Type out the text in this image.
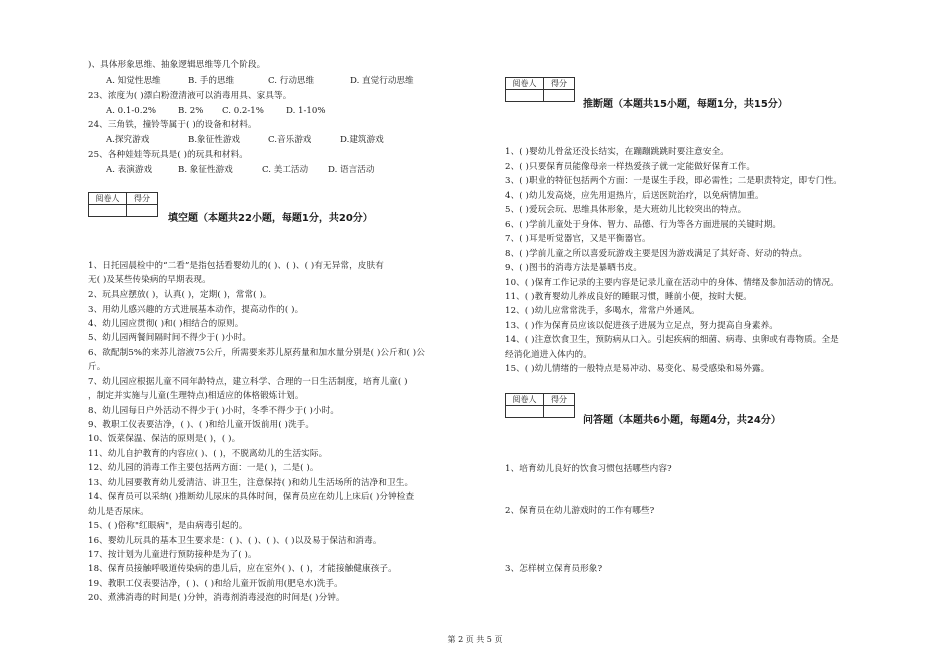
)、具体形象思维、抽象逻辑思维等几个阶段。
A. 知觉性思维	B. 手的思维	C. 行动思维	D. 直觉行动思维
23、浓度为( )漂白粉澄清液可以消毒用具、家具等。
A. 0.1-0.2%	B. 2% C. 0.2-1%	D. 1-10%
24、三角铁，撞铃等属于( )的设备和材料。
A.探究游戏	B.象征性游戏	C.音乐游戏	D.建筑游戏
25、各种娃娃等玩具是( )的玩具和材料。
A. 表演游戏	B. 象征性游戏	C. 美工活动 D. 语言活动
阅卷人	得分

填空题（本题共22小题，每题1分，共20分）
1、日托园晨检中的“二看”是指包括看婴幼儿的( )、( )、( )有无异常，皮肤有
无( )及某些传染病的早期表现。
2、玩具应摆放( )，认真( )，定期( )，常常( )。
3、用幼儿感兴趣的方式进展基本动作，提高动作的( )。
4、幼儿园应贯彻( )和( )相结合的原则。
5、幼儿园两餐间隔时间不得少于( )小时。
6、欲配制5%的来苏儿溶液75公斤，所需要来苏儿原药量和加水量分别是( )公斤和( )公
斤。
7、幼儿园应根据儿童不同年龄特点，建立科学、合理的一日生活制度，培育儿童( )
，制定并实施与儿童(生理特点)相适应的体格锻炼计划。
8、幼儿园每日户外活动不得少于( )小时，冬季不得少于( )小时。
9、教职工仪表要洁净，( )、( )和给儿童开饭前用( )洗手。
10、饭菜保温、保洁的原则是( )，( )。
11、幼儿自护教育的内容应( )、( )，不脱离幼儿的生活实际。
12、幼儿园的消毒工作主要包括两方面：一是( )，二是( )。
13、幼儿园要教育幼儿爱清洁、讲卫生，注意保持( )和幼儿生活场所的洁净和卫生。
14、保育员可以采纳( )推断幼儿尿床的具体时间，保育员应在幼儿上床后( )分钟检查
幼儿是否尿床。
15、( )俗称"红眼病"，是由病毒引起的。
16、婴幼儿玩具的基本卫生要求是：( )、( )、( )、( )以及易于保洁和消毒。
17、按计划为儿童进行预防接种是为了( )。
18、保育员接触呼吸道传染病的患儿后，应在室外( )、( )，才能接触健康孩子。
19、教职工仪表要洁净，( )、( )和给儿童开饭前用(肥皂水)洗手。
20、煮沸消毒的时间是( )分钟，消毒剂消毒浸泡的时间是( )分钟。
阅卷人	得分

推断题（本题共15小题，每题1分，共15分）
1、( )婴幼儿骨盆还没长结实，在蹦蹦跳跳时要注意安全。
2、( )只要保育员能像母亲一样热爱孩子就一定能做好保育工作。
3、( )职业的特征包括两个方面：一是谋生手段，即必需性；二是职责特定，即专门性。
4、( )幼儿发高烧，应先用退热片，后送医院治疗，以免病情加重。
5、( )爱玩会玩、思维具体形象，是大班幼儿比较突出的特点。
6、( )学前儿童处于身体、智力、品德、行为等各方面进展的关键时期。
7、( )耳是听觉器官，又是平衡器官。
8、( )学前儿童之所以喜爱玩游戏主要是因为游戏满足了其好奇、好动的特点。
9、( )图书的消毒方法是暴晒书皮。
10、( )保育工作记录的主要内容是记录儿童在活动中的身体、情绪及参加活动的情况。
11、( )教育婴幼儿养成良好的睡眠习惯，睡前小便，按时大便。
12、( )幼儿应常常洗手，多喝水，常常户外通风。
13、( )作为保育员应该以促进孩子进展为立足点，努力提高自身素养。
14、( )注意饮食卫生，预防病从口入。引起疾病的细菌、病毒、虫卵或有毒物质。全是
经消化道进入体内的。
15、( )幼儿情绪的一般特点是易冲动、易变化、易受感染和易外露。
阅卷人	得分

问答题（本题共6小题，每题4分，共24分）
1、培育幼儿良好的饮食习惯包括哪些内容?
2、保育员在幼儿游戏时的工作有哪些?
3、怎样树立保育员形象?
第 2 页 共 5 页
